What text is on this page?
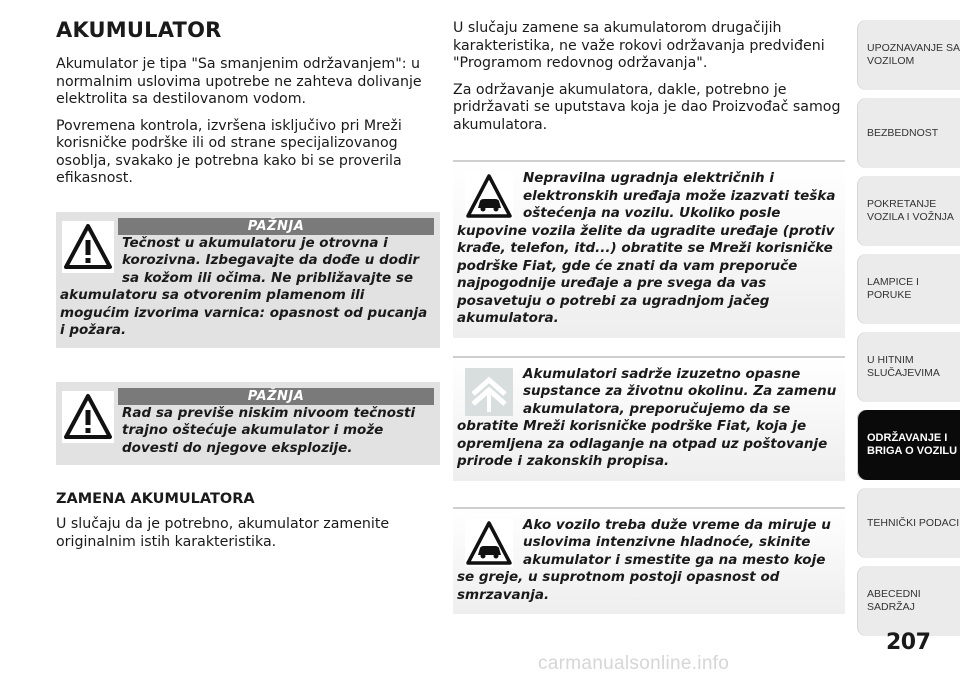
AKUMULATOR

Akumulator je tipa "Sa smanjenim održavanjem": u normalnim uslovima upotrebe ne zahteva dolivanje elektrolita sa destilovanom vodom.

Povremena kontrola, izvršena isključivo pri Mreži korisničke podrške ili od strane specijalizovanog osoblja, svakako je potrebna kako bi se proverila efikasnost.

PAŽNJA
Tečnost u akumulatoru je otrovna i korozivna. Izbegavajte da dođe u dodir sa kožom ili očima. Ne približavajte se akumulatoru sa otvorenim plamenom ili mogućim izvorima varnica: opasnost od pucanja i požara.
PAŽNJA
Rad sa previše niskim nivoom tečnosti trajno oštećuje akumulator i može dovesti do njegove eksplozije.
ZAMENA AKUMULATORA

U slučaju da je potrebno, akumulator zamenite originalnim istih karakteristika.

U slučaju zamene sa akumulatorom drugačijih karakteristika, ne važe rokovi održavanja predviđeni "Programom redovnog održavanja".

Za održavanje akumulatora, dakle, potrebno je pridržavati se uputstava koja je dao Proizvođač samog akumulatora.

Nepravilna ugradnja električnih i elektronskih uređaja može izazvati teška oštećenja na vozilu. Ukoliko posle kupovine vozila želite da ugradite uređaje (protiv krađe, telefon, itd...) obratite se Mreži korisničke podrške Fiat, gde će znati da vam preporuče najpogodnije uređaje a pre svega da vas posavetuju o potrebi za ugradnjom jačeg akumulatora.
Akumulatori sadrže izuzetno opasne supstance za životnu okolinu. Za zamenu akumulatora, preporučujemo da se obratite Mreži korisničke podrške Fiat, koja je opremljena za odlaganje na otpad uz poštovanje prirode i zakonskih propisa.
Ako vozilo treba duže vreme da miruje u uslovima intenzivne hladnoće, skinite akumulator i smestite ga na mesto koje se greje, u suprotnom postoji opasnost od smrzavanja.
UPOZNAVANJE SA VOZILOM
BEZBEDNOST
POKRETANJE VOZILA I VOŽNJA
LAMPICE I PORUKE
U HITNIM SLUČAJEVIMA
ODRŽAVANJE I BRIGA O VOZILU
TEHNIČKI PODACI
ABECEDNI SADRŽAJ
207
carmanualsonline.info
